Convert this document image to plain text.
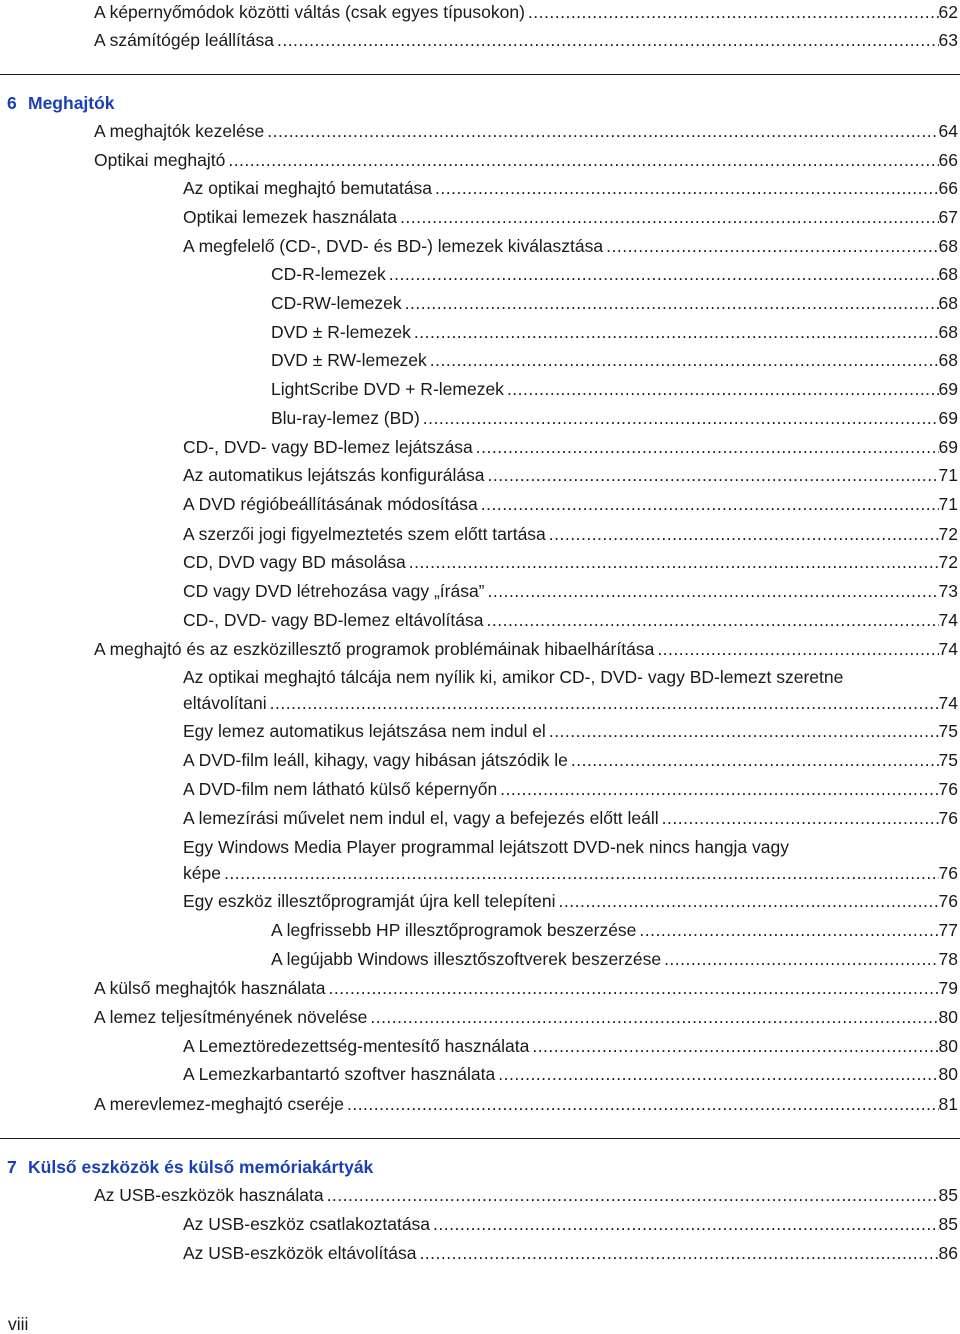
A képernyőmódok közötti váltás (csak egyes típusokon) .....	62
A számítógép leállítása .....	63
6 Meghajtók
A meghajtók kezelése .....	64
Optikai meghajtó .....	66
Az optikai meghajtó bemutatása .....	66
Optikai lemezek használata .....	67
A megfelelő (CD-, DVD- és BD-) lemezek kiválasztása .....	68
CD-R-lemezek .....	68
CD-RW-lemezek .....	68
DVD ± R-lemezek .....	68
DVD ± RW-lemezek .....	68
LightScribe DVD + R-lemezek .....	69
Blu-ray-lemez (BD) .....	69
CD-, DVD- vagy BD-lemez lejátszása .....	69
Az automatikus lejátszás konfigurálása .....	71
A DVD régióbeállításának módosítása .....	71
A szerzői jogi figyelmeztetés szem előtt tartása .....	72
CD, DVD vagy BD másolása .....	72
CD vagy DVD létrehozása vagy „írása” .....	73
CD-, DVD- vagy BD-lemez eltávolítása .....	74
A meghajtó és az eszközillesztő programok problémáinak hibaelhárítása .....	74
Az optikai meghajtó tálcája nem nyílik ki, amikor CD-, DVD- vagy BD-lemezt szeretne
eltávolítani .....	74
Egy lemez automatikus lejátszása nem indul el .....	75
A DVD-film leáll, kihagy, vagy hibásan játszódik le .....	75
A DVD-film nem látható külső képernyőn .....	76
A lemezírási művelet nem indul el, vagy a befejezés előtt leáll .....	76
Egy Windows Media Player programmal lejátszott DVD-nek nincs hangja vagy
képe .....	76
Egy eszköz illesztőprogramját újra kell telepíteni .....	76
A legfrissebb HP illesztőprogramok beszerzése .....	77
A legújabb Windows illesztőszoftverek beszerzése .....	78
A külső meghajtók használata .....	79
A lemez teljesítményének növelése .....	80
A Lemeztöredezettség-mentesítő használata .....	80
A Lemezkarbantartó szoftver használata .....	80
A merevlemez-meghajtó cseréje .....	81
7 Külső eszközök és külső memóriakártyák
Az USB-eszközök használata .....	85
Az USB-eszköz csatlakoztatása .....	85
Az USB-eszközök eltávolítása .....	86
viii
